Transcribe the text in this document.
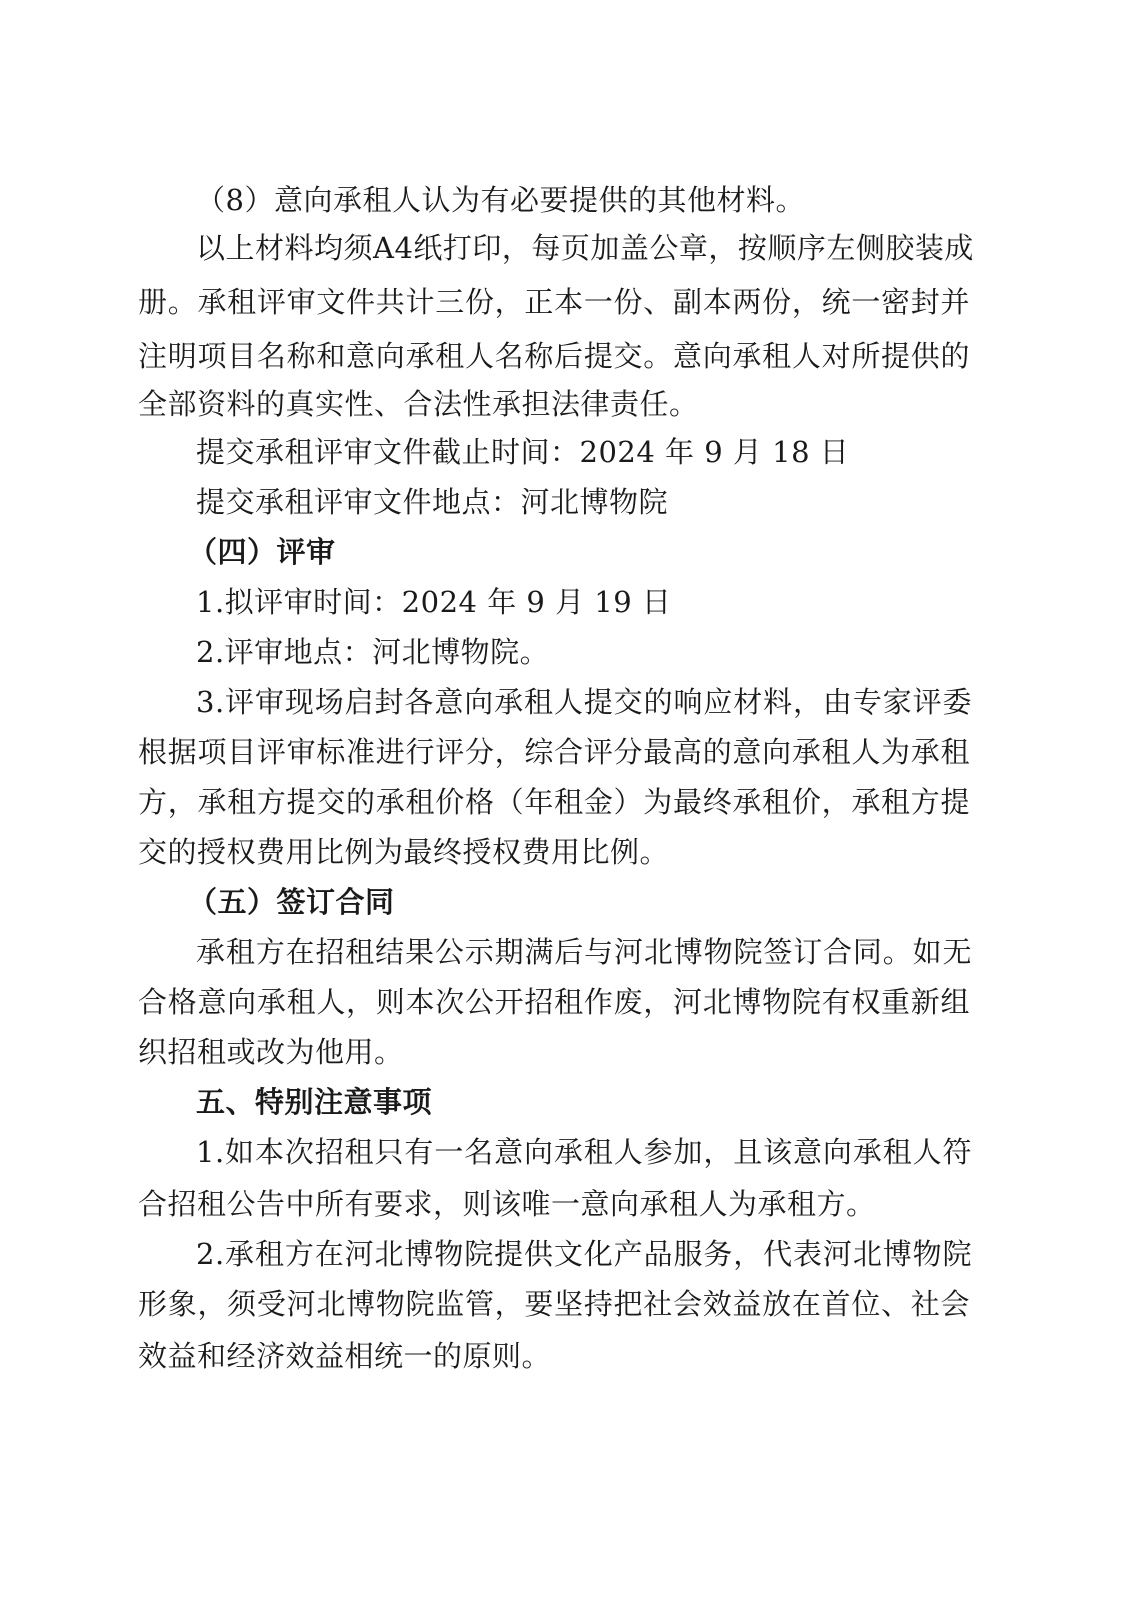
（8）意向承租人认为有必要提供的其他材料。
以上材料均须A4纸打印，每页加盖公章，按顺序左侧胶装成
册。承租评审文件共计三份，正本一份、副本两份，统一密封并
注明项目名称和意向承租人名称后提交。意向承租人对所提供的
全部资料的真实性、合法性承担法律责任。
提交承租评审文件截止时间：2024 年 9 月 18 日
提交承租评审文件地点：河北博物院
（四）评审
1.拟评审时间：2024 年 9 月 19 日
2.评审地点：河北博物院。
3.评审现场启封各意向承租人提交的响应材料，由专家评委
根据项目评审标准进行评分，综合评分最高的意向承租人为承租
方，承租方提交的承租价格（年租金）为最终承租价，承租方提
交的授权费用比例为最终授权费用比例。
（五）签订合同
承租方在招租结果公示期满后与河北博物院签订合同。如无
合格意向承租人，则本次公开招租作废，河北博物院有权重新组
织招租或改为他用。
五、特别注意事项
1.如本次招租只有一名意向承租人参加，且该意向承租人符
合招租公告中所有要求，则该唯一意向承租人为承租方。
2.承租方在河北博物院提供文化产品服务，代表河北博物院
形象，须受河北博物院监管，要坚持把社会效益放在首位、社会
效益和经济效益相统一的原则。
